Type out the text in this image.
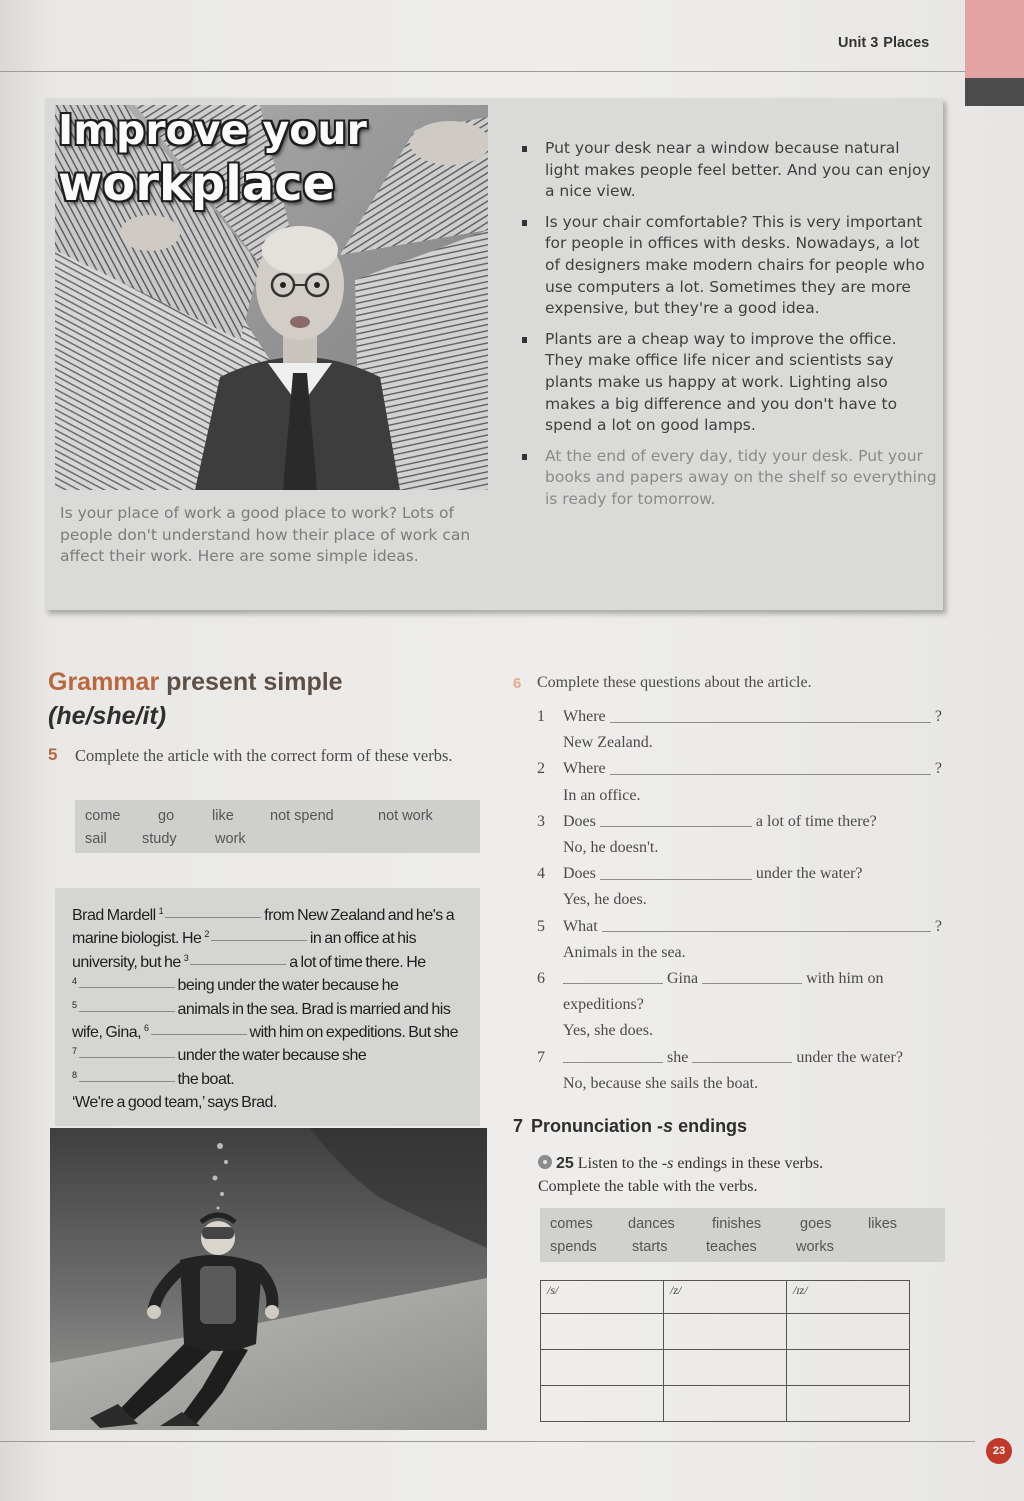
Unit 3 Places
Improve your
workplace
Is your place of work a good place to work? Lots of people don't understand how their place of work can affect their work. Here are some simple ideas.
Put your desk near a window because natural light makes people feel better. And you can enjoy a nice view.
Is your chair comfortable? This is very important for people in offices with desks. Nowadays, a lot of designers make modern chairs for people who use computers a lot. Sometimes they are more expensive, but they're a good idea.
Plants are a cheap way to improve the office. They make office life nicer and scientists say plants make us happy at work. Lighting also makes a big difference and you don't have to spend a lot on good lamps.
At the end of every day, tidy your desk. Put your books and papers away on the shelf so everything is ready for tomorrow.
Grammar present simple
(he/she/it)
5 Complete the article with the correct form of these verbs.
come	go	like not spend	not work
sail study	work
Brad Mardell $^1$	from New Zealand and he's a marine biologist. He $^2$	in an office at his university, but he $^3$	a lot of time there. He $^4$	being under the water because he $^5$	animals in the sea. Brad is married and his wife, Gina, $^6$	with him on expeditions. But she $^7$	under the water because she $^8$	the boat.
‘We're a good team,’ says Brad.
6 Complete these questions about the article.
1	Where	?
New Zealand.
2	Where	?
In an office.
3	Does	a lot of time there?
No, he doesn't.
4	Does	under the water?
Yes, he does.
5	What	?
Animals in the sea.
6	Gina	with him on
expeditions?
Yes, she does.
7	she	under the water?
No, because she sails the boat.
7 Pronunciation -s endings
25 Listen to the -s endings in these verbs.
Complete the table with the verbs.
comes dances	finishes	goes	likes
spends starts	teaches	works
/s/	/z/	/ɪz/

23
